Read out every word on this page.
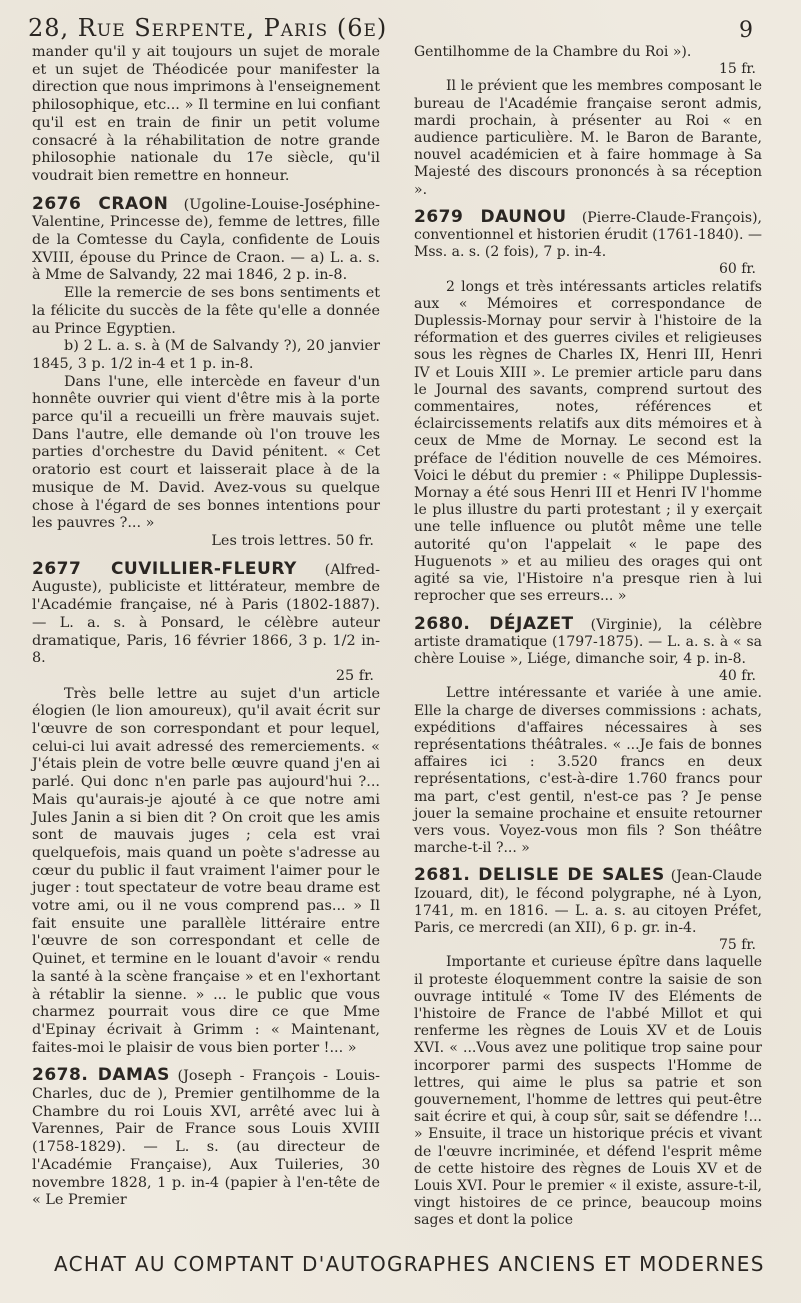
28, Rue Serpente, Paris (6e)	9

mander qu'il y ait toujours un sujet de morale et un sujet de Théodicée pour manifester la direction que nous imprimons à l'enseignement philosophique, etc... » Il termine en lui confiant qu'il est en train de finir un petit volume consacré à la réhabilitation de notre grande philosophie nationale du 17e siècle, qu'il voudrait bien remettre en honneur.

2676 CRAON (Ugoline-Louise-Joséphine-Valentine, Princesse de), femme de lettres, fille de la Comtesse du Cayla, confidente de Louis XVIII, épouse du Prince de Craon. — a) L. a. s. à Mme de Salvandy, 22 mai 1846, 2 p. in-8.

Elle la remercie de ses bons sentiments et la félicite du succès de la fête qu'elle a donnée au Prince Egyptien.

b) 2 L. a. s. à (M de Salvandy ?), 20 janvier 1845, 3 p. 1/2 in-4 et 1 p. in-8.

Dans l'une, elle intercède en faveur d'un honnête ouvrier qui vient d'être mis à la porte parce qu'il a recueilli un frère mauvais sujet. Dans l'autre, elle demande où l'on trouve les parties d'orchestre du David pénitent. « Cet oratorio est court et laisserait place à de la musique de M. David. Avez-vous su quelque chose à l'égard de ses bonnes intentions pour les pauvres ?... »

Les trois lettres. 50 fr.

2677 CUVILLIER-FLEURY (Alfred-Auguste), publiciste et littérateur, membre de l'Académie française, né à Paris (1802-1887). — L. a. s. à Ponsard, le célèbre auteur dramatique, Paris, 16 février 1866, 3 p. 1/2 in-8.

25 fr.

Très belle lettre au sujet d'un article élogien (le lion amoureux), qu'il avait écrit sur l'œuvre de son correspondant et pour lequel, celui-ci lui avait adressé des remerciements. « J'étais plein de votre belle œuvre quand j'en ai parlé. Qui donc n'en parle pas aujourd'hui ?... Mais qu'aurais-je ajouté à ce que notre ami Jules Janin a si bien dit ? On croit que les amis sont de mauvais juges ; cela est vrai quelquefois, mais quand un poète s'adresse au cœur du public il faut vraiment l'aimer pour le juger : tout spectateur de votre beau drame est votre ami, ou il ne vous comprend pas... » Il fait ensuite une parallèle littéraire entre l'œuvre de son correspondant et celle de Quinet, et termine en le louant d'avoir « rendu la santé à la scène française » et en l'exhortant à rétablir la sienne. » ... le public que vous charmez pourrait vous dire ce que Mme d'Epinay écrivait à Grimm : « Maintenant, faites-moi le plaisir de vous bien porter !... »

2678. DAMAS (Joseph - François - Louis-Charles, duc de ), Premier gentilhomme de la Chambre du roi Louis XVI, arrêté avec lui à Varennes, Pair de France sous Louis XVIII (1758-1829). — L. s. (au directeur de l'Académie Française), Aux Tuileries, 30 novembre 1828, 1 p. in-4 (papier à l'en-tête de « Le Premier

Gentilhomme de la Chambre du Roi »).

15 fr.

Il le prévient que les membres composant le bureau de l'Académie française seront admis, mardi prochain, à présenter au Roi « en audience particulière. M. le Baron de Barante, nouvel académicien et à faire hommage à Sa Majesté des discours prononcés à sa réception ».

2679 DAUNOU (Pierre-Claude-François), conventionnel et historien érudit (1761-1840). — Mss. a. s. (2 fois), 7 p. in-4.

60 fr.

2 longs et très intéressants articles relatifs aux « Mémoires et correspondance de Duplessis-Mornay pour servir à l'histoire de la réformation et des guerres civiles et religieuses sous les règnes de Charles IX, Henri III, Henri IV et Louis XIII ». Le premier article paru dans le Journal des savants, comprend surtout des commentaires, notes, références et éclaircissements relatifs aux dits mémoires et à ceux de Mme de Mornay. Le second est la préface de l'édition nouvelle de ces Mémoires. Voici le début du premier : « Philippe Duplessis-Mornay a été sous Henri III et Henri IV l'homme le plus illustre du parti protestant ; il y exerçait une telle influence ou plutôt même une telle autorité qu'on l'appelait « le pape des Huguenots » et au milieu des orages qui ont agité sa vie, l'Histoire n'a presque rien à lui reprocher que ses erreurs... »

2680. DÉJAZET (Virginie), la célèbre artiste dramatique (1797-1875). — L. a. s. à « sa chère Louise », Liége, dimanche soir, 4 p. in-8.

40 fr.

Lettre intéressante et variée à une amie. Elle la charge de diverses commissions : achats, expéditions d'affaires nécessaires à ses représentations théâtrales. « ...Je fais de bonnes affaires ici : 3.520 francs en deux représentations, c'est-à-dire 1.760 francs pour ma part, c'est gentil, n'est-ce pas ? Je pense jouer la semaine prochaine et ensuite retourner vers vous. Voyez-vous mon fils ? Son théâtre marche-t-il ?... »

2681. DELISLE DE SALES (Jean-Claude Izouard, dit), le fécond polygraphe, né à Lyon, 1741, m. en 1816. — L. a. s. au citoyen Préfet, Paris, ce mercredi (an XII), 6 p. gr. in-4.

75 fr.

Importante et curieuse épître dans laquelle il proteste éloquemment contre la saisie de son ouvrage intitulé « Tome IV des Eléments de l'histoire de France de l'abbé Millot et qui renferme les règnes de Louis XV et de Louis XVI. « ...Vous avez une politique trop saine pour incorporer parmi des suspects l'Homme de lettres, qui aime le plus sa patrie et son gouvernement, l'homme de lettres qui peut-être sait écrire et qui, à coup sûr, sait se défendre !... » Ensuite, il trace un historique précis et vivant de l'œuvre incriminée, et défend l'esprit même de cette histoire des règnes de Louis XV et de Louis XVI. Pour le premier « il existe, assure-t-il, vingt histoires de ce prince, beaucoup moins sages et dont la police

ACHAT AU COMPTANT D'AUTOGRAPHES ANCIENS ET MODERNES
